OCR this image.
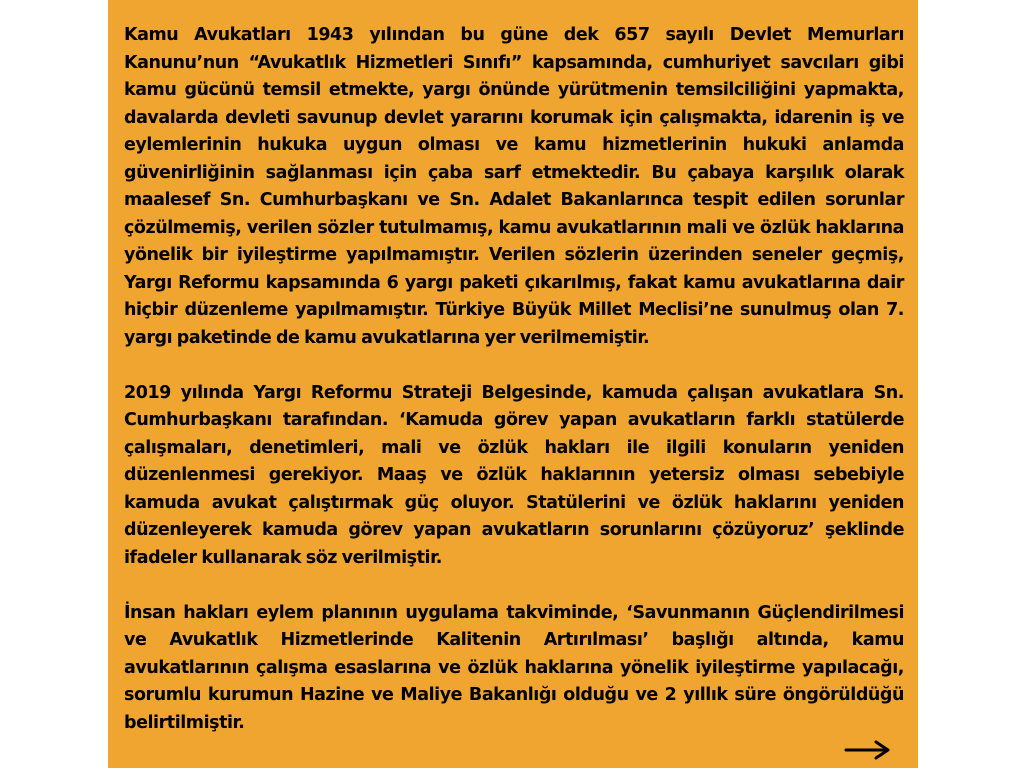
Kamu Avukatları 1943 yılından bu güne dek 657 sayılı Devlet Memurları Kanunu’nun “Avukatlık Hizmetleri Sınıfı” kapsamında, cumhuriyet savcıları gibi kamu gücünü temsil etmekte, yargı önünde yürütmenin temsilciliğini yapmakta, davalarda devleti savunup devlet yararını korumak için çalışmakta, idarenin iş ve eylemlerinin hukuka uygun olması ve kamu hizmetlerinin hukuki anlamda güvenirliğinin sağlanması için çaba sarf etmektedir. Bu çabaya karşılık olarak maalesef Sn. Cumhurbaşkanı ve Sn. Adalet Bakanlarınca tespit edilen sorunlar çözülmemiş, verilen sözler tutulmamış, kamu avukatlarının mali ve özlük haklarına yönelik bir iyileştirme yapılmamıştır. Verilen sözlerin üzerinden seneler geçmiş, Yargı Reformu kapsamında 6 yargı paketi çıkarılmış, fakat kamu avukatlarına dair hiçbir düzenleme yapılmamıştır. Türkiye Büyük Millet Meclisi’ne sunulmuş olan 7. yargı paketinde de kamu avukatlarına yer verilmemiştir.

2019 yılında Yargı Reformu Strateji Belgesinde, kamuda çalışan avukatlara Sn. Cumhurbaşkanı tarafından. ‘Kamuda görev yapan avukatların farklı statülerde çalışmaları, denetimleri, mali ve özlük hakları ile ilgili konuların yeniden düzenlenmesi gerekiyor. Maaş ve özlük haklarının yetersiz olması sebebiyle kamuda avukat çalıştırmak güç oluyor. Statülerini ve özlük haklarını yeniden düzenleyerek kamuda görev yapan avukatların sorunlarını çözüyoruz’ şeklinde ifadeler kullanarak söz verilmiştir.

İnsan hakları eylem planının uygulama takviminde, ‘Savunmanın Güçlendirilmesi ve Avukatlık Hizmetlerinde Kalitenin Artırılması’ başlığı altında, kamu avukatlarının çalışma esaslarına ve özlük haklarına yönelik iyileştirme yapılacağı, sorumlu kurumun Hazine ve Maliye Bakanlığı olduğu ve 2 yıllık süre öngörüldüğü belirtilmiştir.
